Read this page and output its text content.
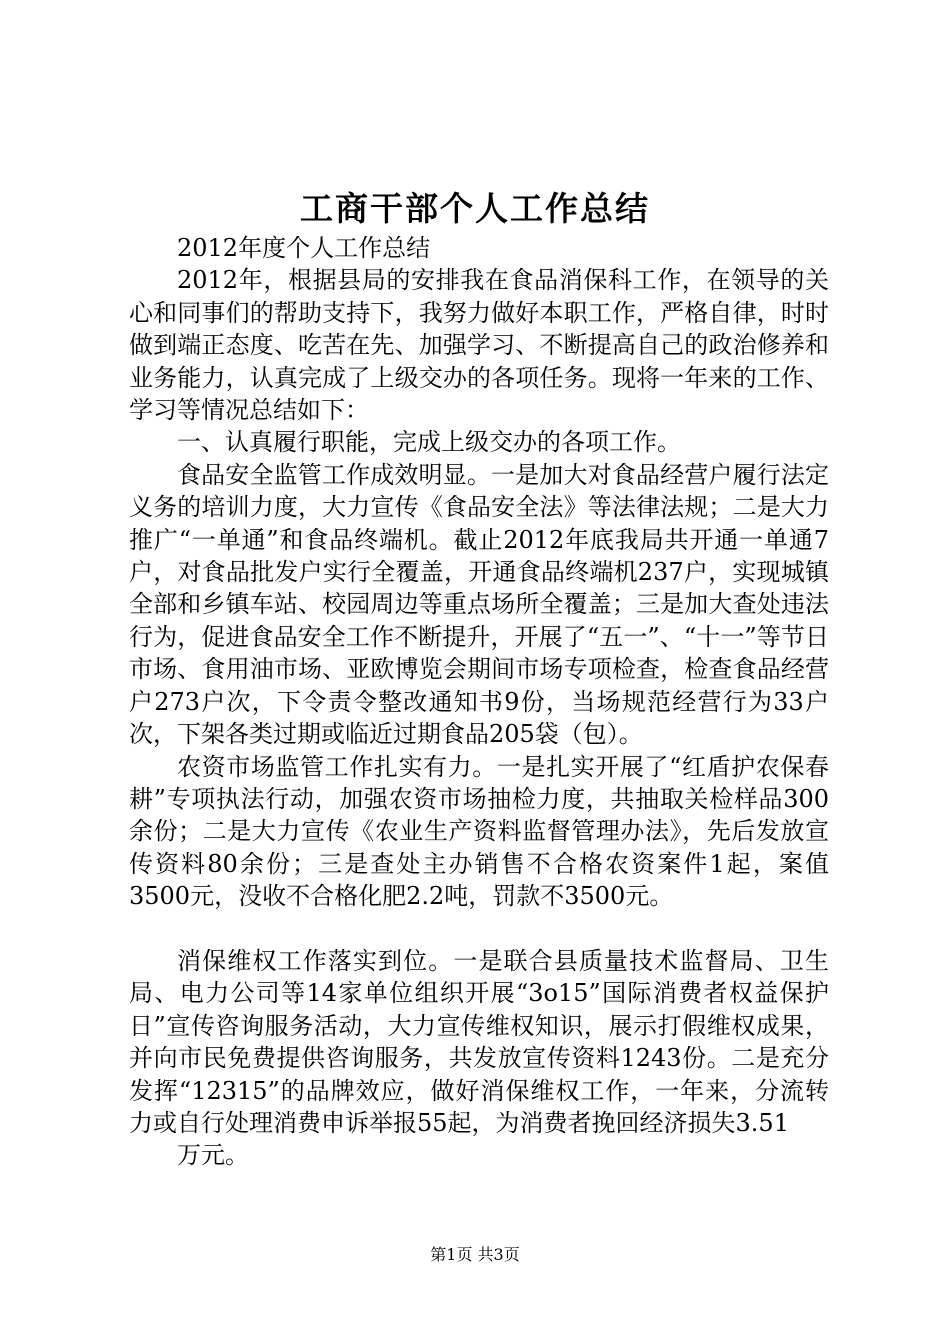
工商干部个人工作总结

2012年度个人工作总结

2012年，根据县局的安排我在食品消保科工作，在领导的关心和同事们的帮助支持下，我努力做好本职工作，严格自律，时时做到端正态度、吃苦在先、加强学习、不断提高自己的政治修养和业务能力，认真完成了上级交办的各项任务。现将一年来的工作、学习等情况总结如下：

一、认真履行职能，完成上级交办的各项工作。

食品安全监管工作成效明显。一是加大对食品经营户履行法定义务的培训力度，大力宣传《食品安全法》等法律法规；二是大力推广“一单通”和食品终端机。截止2012年底我局共开通一单通7户，对食品批发户实行全覆盖，开通食品终端机237户，实现城镇全部和乡镇车站、校园周边等重点场所全覆盖；三是加大查处违法行为，促进食品安全工作不断提升，开展了“五一”、“十一”等节日市场、食用油市场、亚欧博览会期间市场专项检查，检查食品经营户273户次，下令责令整改通知书9份，当场规范经营行为33户次，下架各类过期或临近过期食品205袋（包）。

农资市场监管工作扎实有力。一是扎实开展了“红盾护农保春耕”专项执法行动，加强农资市场抽检力度，共抽取关检样品300余份；二是大力宣传《农业生产资料监督管理办法》，先后发放宣传资料80余份；三是查处主办销售不合格农资案件1起，案值3500元，没收不合格化肥2.2吨，罚款不3500元。

消保维权工作落实到位。一是联合县质量技术监督局、卫生局、电力公司等14家单位组织开展“3o15”国际消费者权益保护日”宣传咨询服务活动，大力宣传维权知识，展示打假维权成果，并向市民免费提供咨询服务，共发放宣传资料1243份。二是充分发挥“12315”的品牌效应，做好消保维权工作，一年来，分流转力或自行处理消费申诉举报55起，为消费者挽回经济损失3.51

万元。

第1页 共3页
